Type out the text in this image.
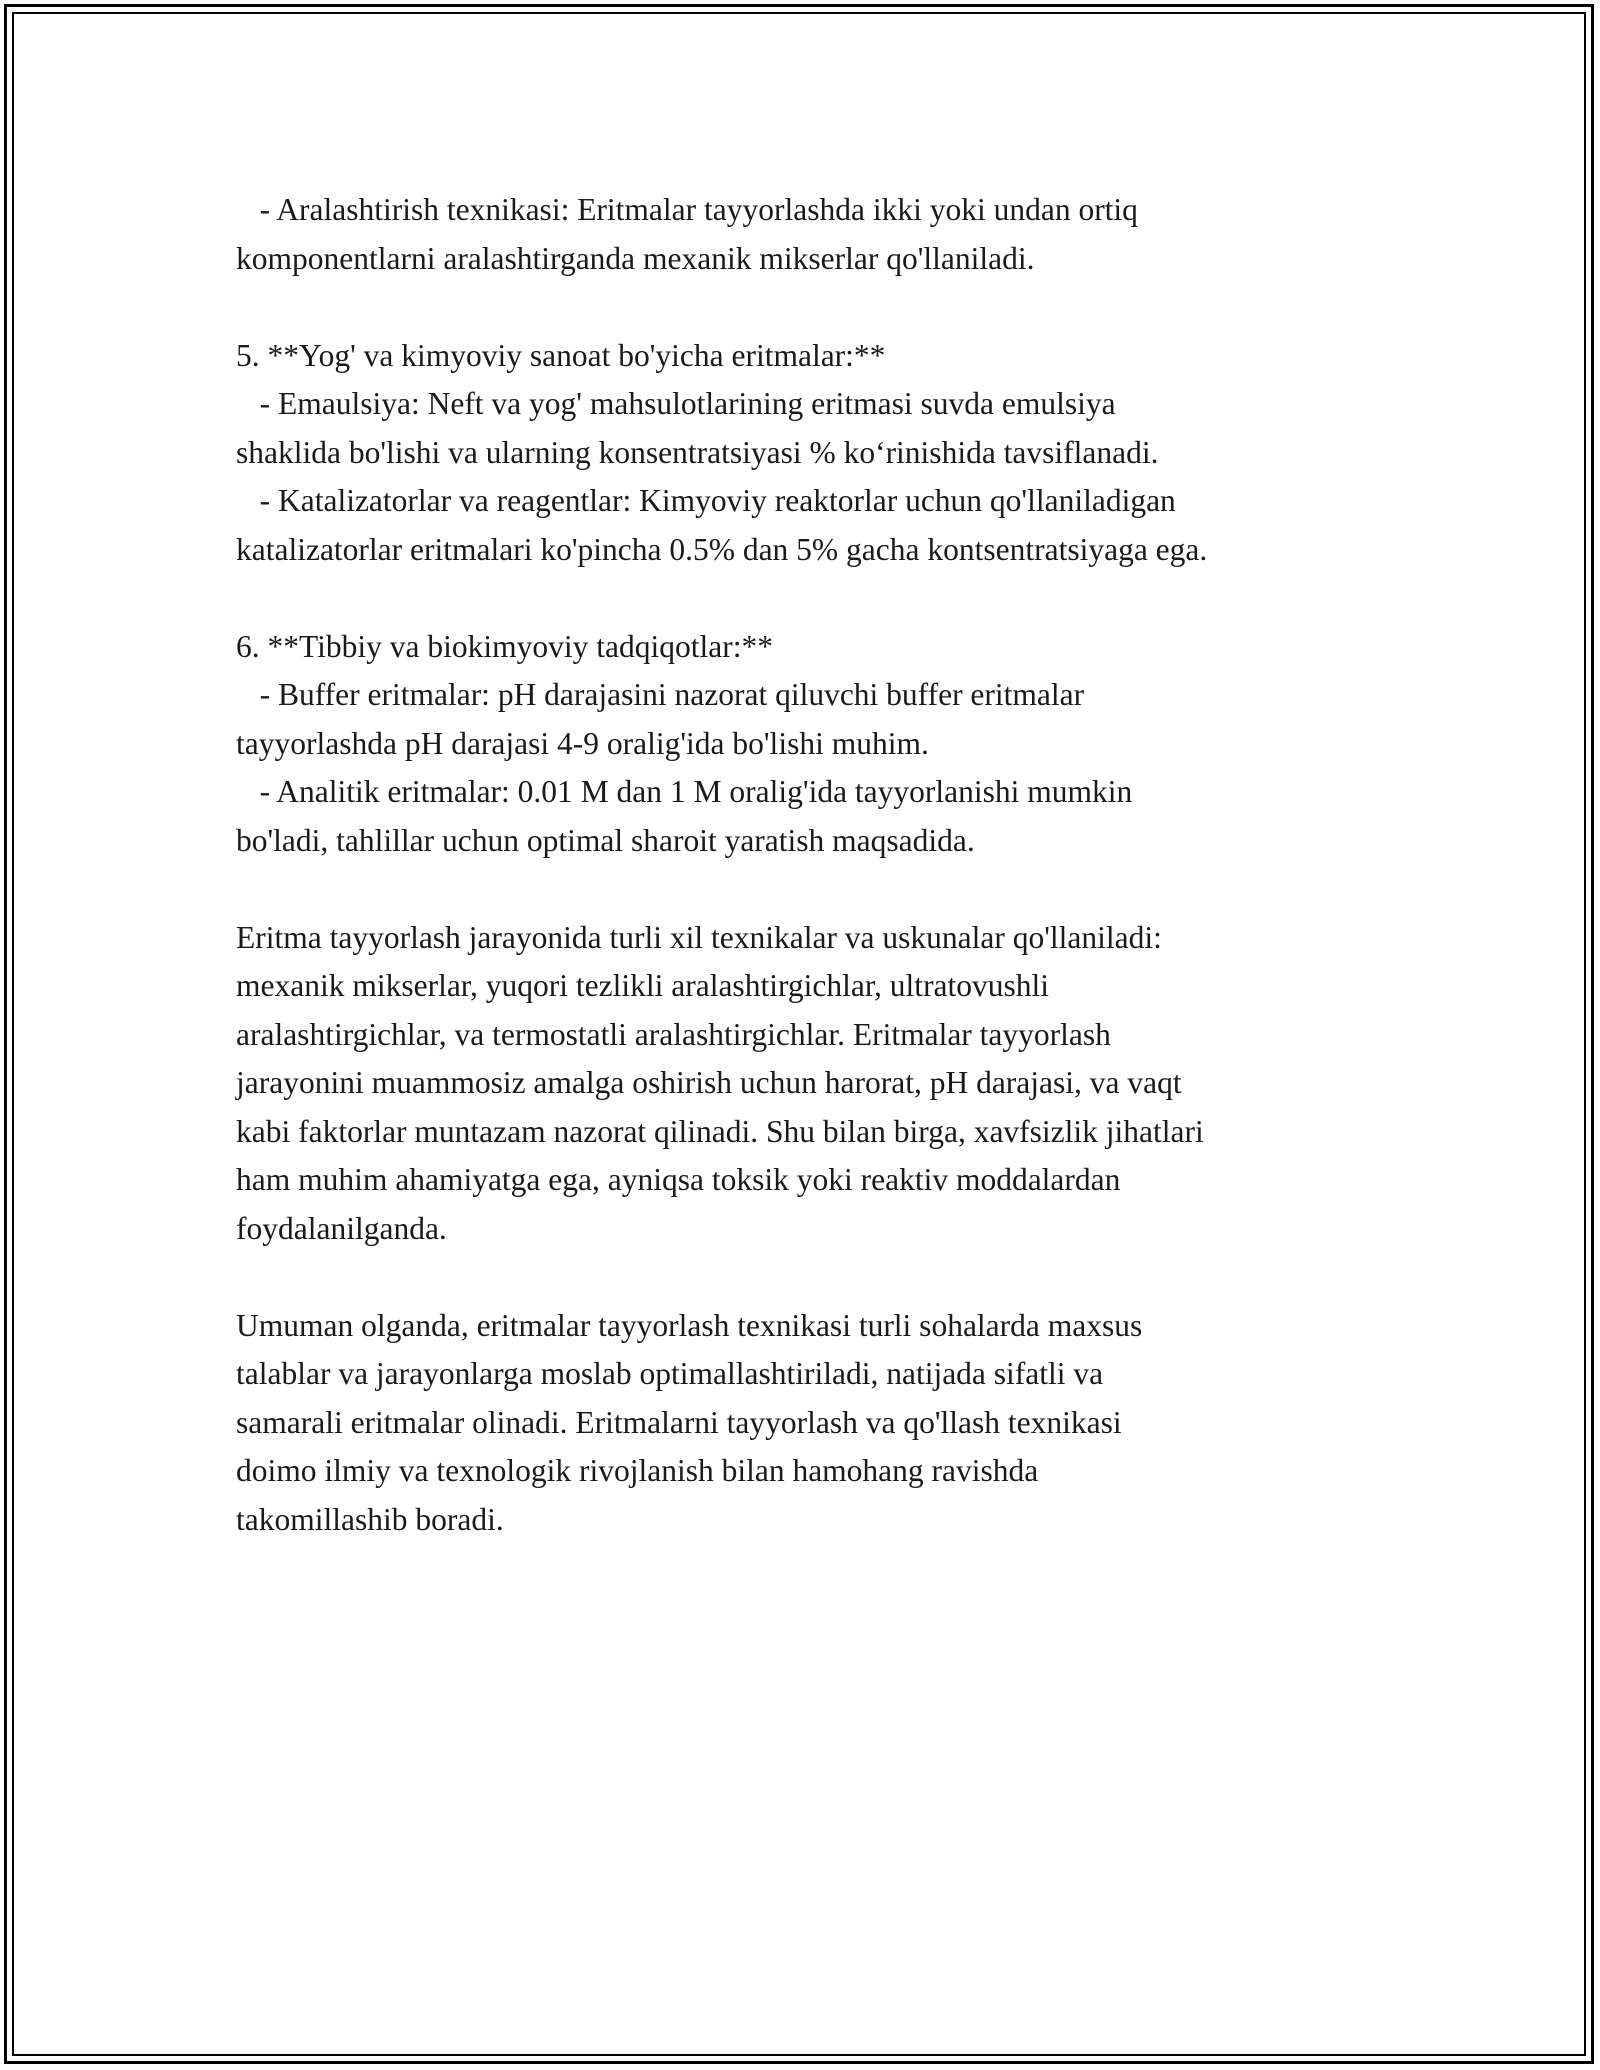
- Aralashtirish texnikasi: Eritmalar tayyorlashda ikki yoki undan ortiq
komponentlarni aralashtirganda mexanik mikserlar qo'llaniladi.
5. **Yog' va kimyoviy sanoat bo'yicha eritmalar:**
- Emaulsiya: Neft va yog' mahsulotlarining eritmasi suvda emulsiya
shaklida bo'lishi va ularning konsentratsiyasi % ko‘rinishida tavsiflanadi.
- Katalizatorlar va reagentlar: Kimyoviy reaktorlar uchun qo'llaniladigan
katalizatorlar eritmalari ko'pincha 0.5% dan 5% gacha kontsentratsiyaga ega.
6. **Tibbiy va biokimyoviy tadqiqotlar:**
- Buffer eritmalar: pH darajasini nazorat qiluvchi buffer eritmalar
tayyorlashda pH darajasi 4-9 oralig'ida bo'lishi muhim.
- Analitik eritmalar: 0.01 M dan 1 M oralig'ida tayyorlanishi mumkin
bo'ladi, tahlillar uchun optimal sharoit yaratish maqsadida.
Eritma tayyorlash jarayonida turli xil texnikalar va uskunalar qo'llaniladi:
mexanik mikserlar, yuqori tezlikli aralashtirgichlar, ultratovushli
aralashtirgichlar, va termostatli aralashtirgichlar. Eritmalar tayyorlash
jarayonini muammosiz amalga oshirish uchun harorat, pH darajasi, va vaqt
kabi faktorlar muntazam nazorat qilinadi. Shu bilan birga, xavfsizlik jihatlari
ham muhim ahamiyatga ega, ayniqsa toksik yoki reaktiv moddalardan
foydalanilganda.
Umuman olganda, eritmalar tayyorlash texnikasi turli sohalarda maxsus
talablar va jarayonlarga moslab optimallashtiriladi, natijada sifatli va
samarali eritmalar olinadi. Eritmalarni tayyorlash va qo'llash texnikasi
doimo ilmiy va texnologik rivojlanish bilan hamohang ravishda
takomillashib boradi.
